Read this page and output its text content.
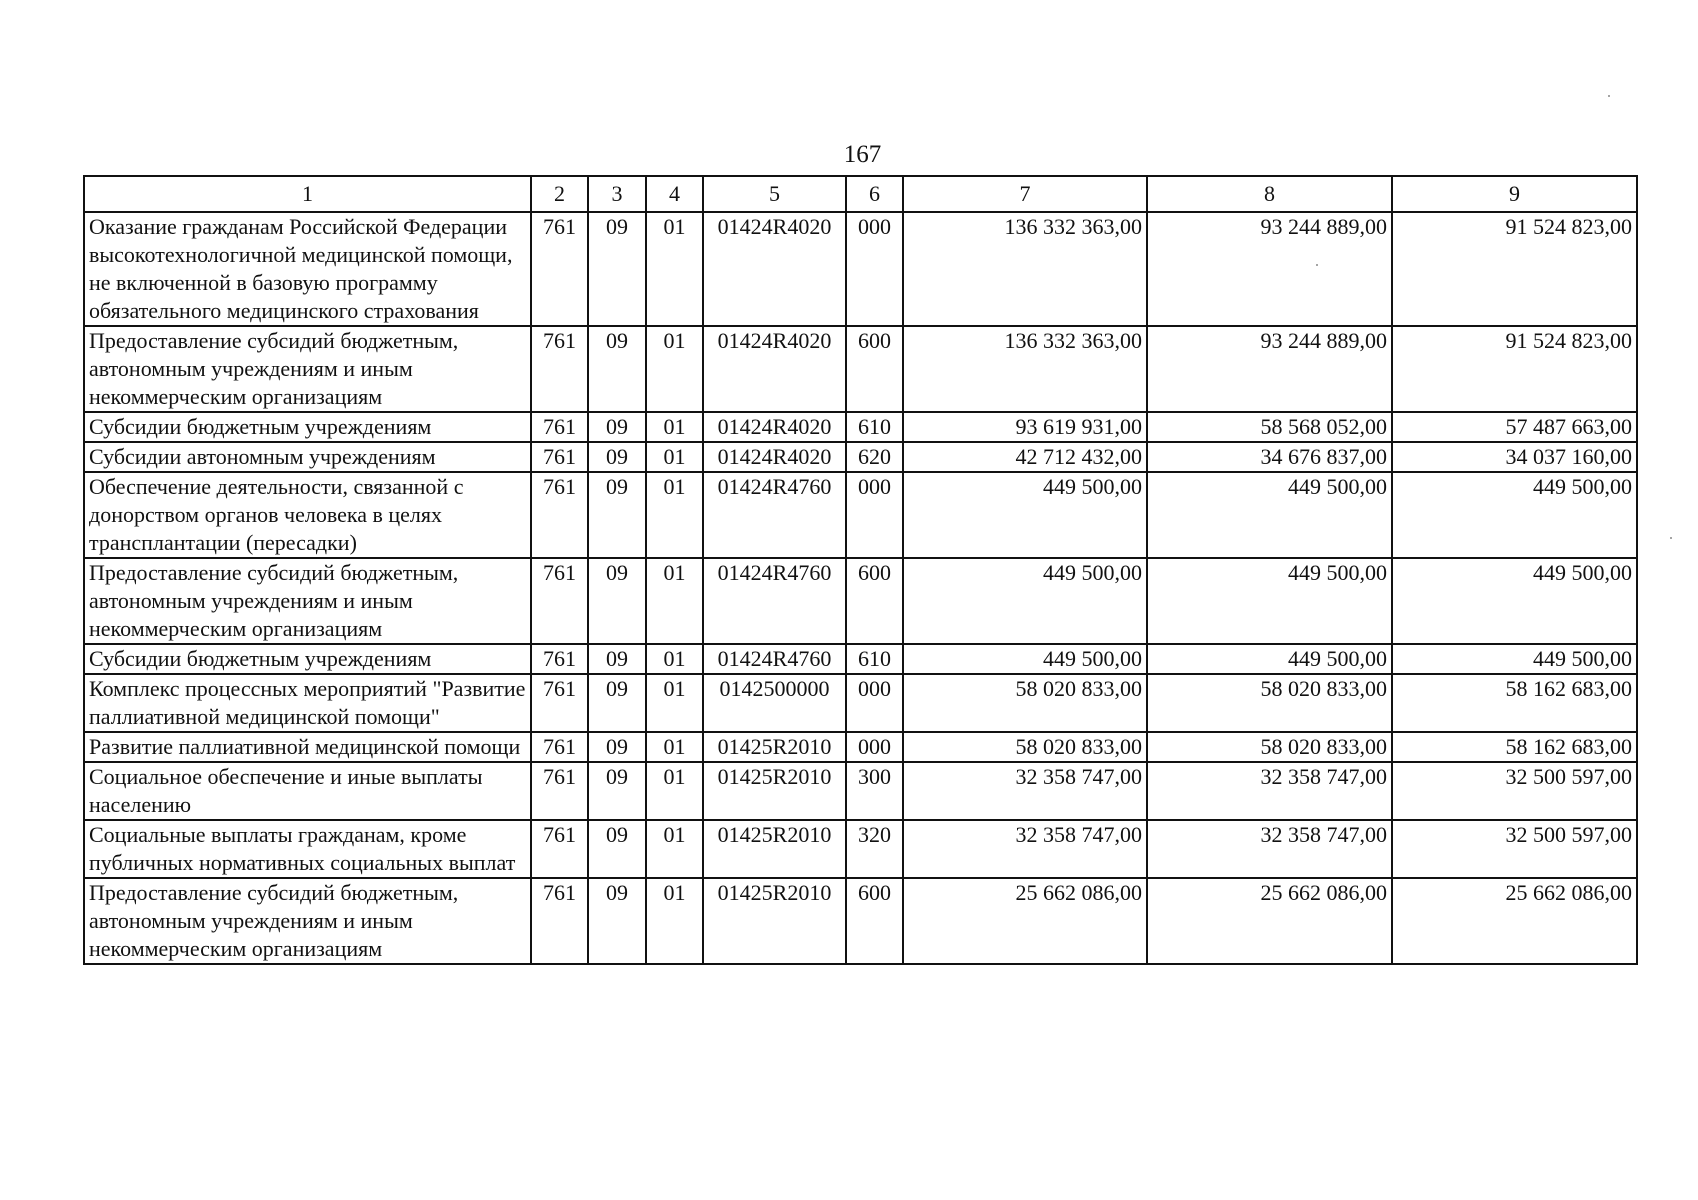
167
1	2	3	4	5	6	7	8	9
Оказание гражданам Российской Федерации высокотехнологичной медицинской помощи, не включенной в базовую программу обязательного медицинского страхования	761	09	01	01424R4020	000	136 332 363,00	93 244 889,00	91 524 823,00
Предоставление субсидий бюджетным, автономным учреждениям и иным некоммерческим организациям	761	09	01	01424R4020	600	136 332 363,00	93 244 889,00	91 524 823,00
Субсидии бюджетным учреждениям	761	09	01	01424R4020	610	93 619 931,00	58 568 052,00	57 487 663,00
Субсидии автономным учреждениям	761	09	01	01424R4020	620	42 712 432,00	34 676 837,00	34 037 160,00
Обеспечение деятельности, связанной с донорством органов человека в целях трансплантации (пересадки)	761	09	01	01424R4760	000	449 500,00	449 500,00	449 500,00
Предоставление субсидий бюджетным, автономным учреждениям и иным некоммерческим организациям	761	09	01	01424R4760	600	449 500,00	449 500,00	449 500,00
Субсидии бюджетным учреждениям	761	09	01	01424R4760	610	449 500,00	449 500,00	449 500,00
Комплекс процессных мероприятий "Развитие паллиативной медицинской помощи"	761	09	01	0142500000	000	58 020 833,00	58 020 833,00	58 162 683,00
Развитие паллиативной медицинской помощи	761	09	01	01425R2010	000	58 020 833,00	58 020 833,00	58 162 683,00
Социальное обеспечение и иные выплаты населению	761	09	01	01425R2010	300	32 358 747,00	32 358 747,00	32 500 597,00
Социальные выплаты гражданам, кроме публичных нормативных социальных выплат	761	09	01	01425R2010	320	32 358 747,00	32 358 747,00	32 500 597,00
Предоставление субсидий бюджетным, автономным учреждениям и иным некоммерческим организациям	761	09	01	01425R2010	600	25 662 086,00	25 662 086,00	25 662 086,00
